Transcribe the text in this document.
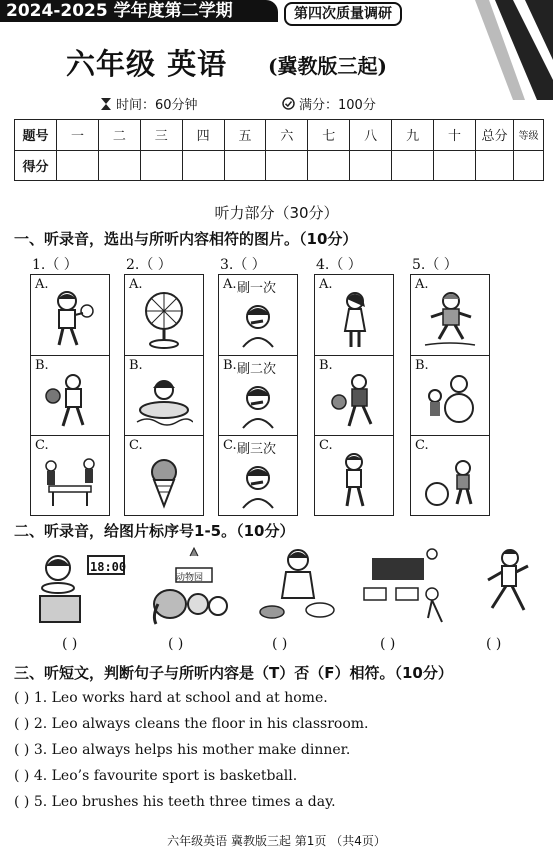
2024-2025 学年度第二学期	第四次质量调研
六年级 英语 (冀教版三起)
时间：60分钟	满分：100分
题号	一	二	三	四	五	六	七	八	九	十	总分	等级
得分												
听力部分（30分）
一、听录音，选出与所听内容相符的图片。（10分）
1.（ ）	2.（ ）	3.（ ）	4.（ ）	5.（ ）
A.
B.
C.
A.
B.
C.
A. 刷一次
B. 刷二次
C. 刷三次
A.
B.
C.
A.
B.
C.
二、听录音，给图片标序号1-5。（10分）
18:00
动物园
( )	( )	( )	( )	( )
三、听短文，判断句子与所听内容是（T）否（F）相符。（10分）
( ) 1. Leo works hard at school and at home.
( ) 2. Leo always cleans the floor in his classroom.
( ) 3. Leo always helps his mother make dinner.
( ) 4. Leo’s favourite sport is basketball.
( ) 5. Leo brushes his teeth three times a day.
六年级英语 冀教版三起 第1页 （共4页）
